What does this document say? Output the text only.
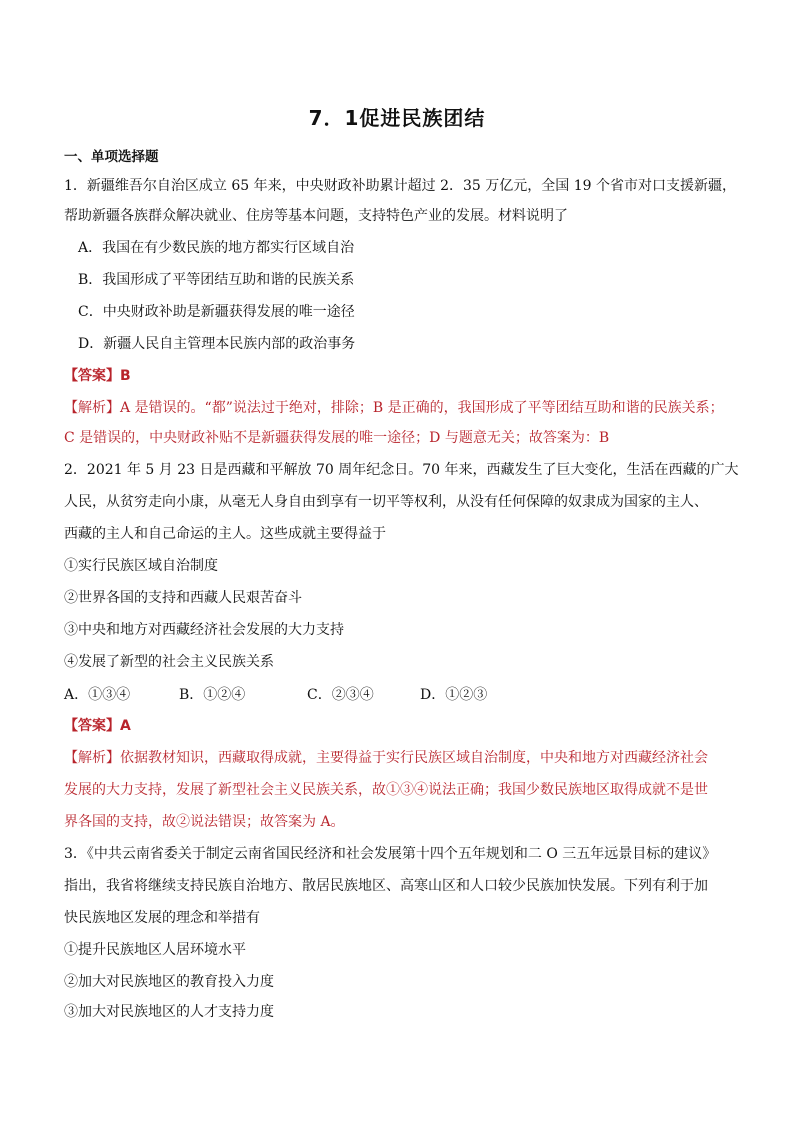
7．1促进民族团结
一、单项选择题
1．新疆维吾尔自治区成立 65 年来，中央财政补助累计超过 2．35 万亿元，全国 19 个省市对口支援新疆，
帮助新疆各族群众解决就业、住房等基本问题，支持特色产业的发展。材料说明了
A．我国在有少数民族的地方都实行区域自治
B．我国形成了平等团结互助和谐的民族关系
C．中央财政补助是新疆获得发展的唯一途径
D．新疆人民自主管理本民族内部的政治事务
【答案】B
【解析】A 是错误的。“都”说法过于绝对，排除；B 是正确的，我国形成了平等团结互助和谐的民族关系；
C 是错误的，中央财政补贴不是新疆获得发展的唯一途径；D 与题意无关；故答案为：B
2．2021 年 5 月 23 日是西藏和平解放 70 周年纪念日。70 年来，西藏发生了巨大变化，生活在西藏的广大
人民，从贫穷走向小康，从毫无人身自由到享有一切平等权利，从没有任何保障的奴隶成为国家的主人、
西藏的主人和自己命运的主人。这些成就主要得益于
①实行民族区域自治制度
②世界各国的支持和西藏人民艰苦奋斗
③中央和地方对西藏经济社会发展的大力支持
④发展了新型的社会主义民族关系
A．①③④	B．①②④	C．②③④	D．①②③
【答案】A
【解析】依据教材知识，西藏取得成就，主要得益于实行民族区域自治制度，中央和地方对西藏经济社会
发展的大力支持，发展了新型社会主义民族关系，故①③④说法正确；我国少数民族地区取得成就不是世
界各国的支持，故②说法错误；故答案为 A。
3．《中共云南省委关于制定云南省国民经济和社会发展第十四个五年规划和二 O 三五年远景目标的建议》
指出，我省将继续支持民族自治地方、散居民族地区、高寒山区和人口较少民族加快发展。下列有利于加
快民族地区发展的理念和举措有
①提升民族地区人居环境水平
②加大对民族地区的教育投入力度
③加大对民族地区的人才支持力度
